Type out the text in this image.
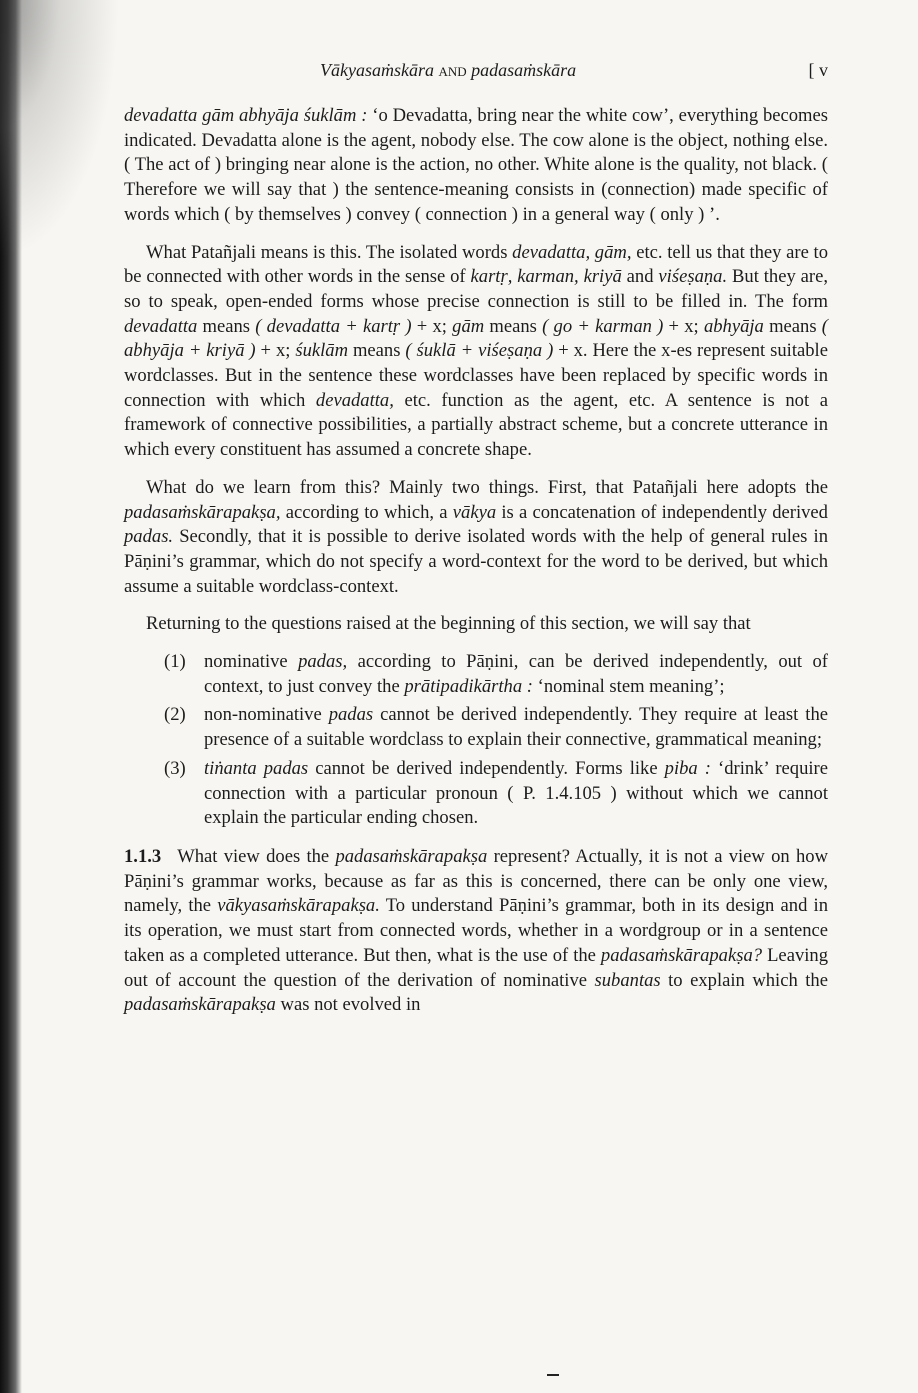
Vākyasaṁskāra and padasaṁskāra	[ v

devadatta gām abhyāja śuklām : ‘o Devadatta, bring near the white cow’, everything becomes indicated. Devadatta alone is the agent, nobody else. The cow alone is the object, nothing else. ( The act of ) bringing near alone is the action, no other. White alone is the quality, not black. ( Therefore we will say that ) the sentence-meaning consists in (connection) made specific of words which ( by themselves ) convey ( connection ) in a general way ( only ) ’.

What Patañjali means is this. The isolated words devadatta, gām, etc. tell us that they are to be connected with other words in the sense of kartṛ, karman, kriyā and viśeṣaṇa. But they are, so to speak, open-ended forms whose precise connection is still to be filled in. The form devadatta means ( devadatta + kartṛ ) + x; gām means ( go + karman ) + x; abhyāja means ( abhyāja + kriyā ) + x; śuklām means ( śuklā + viśeṣaṇa ) + x. Here the x-es represent suitable wordclasses. But in the sentence these wordclasses have been replaced by specific words in connection with which devadatta, etc. function as the agent, etc. A sentence is not a framework of connective possibilities, a partially abstract scheme, but a concrete utterance in which every constituent has assumed a concrete shape.

What do we learn from this? Mainly two things. First, that Patañjali here adopts the padasaṁskārapakṣa, according to which, a vākya is a concatenation of independently derived padas. Secondly, that it is possible to derive isolated words with the help of general rules in Pāṇini’s grammar, which do not specify a word-context for the word to be derived, but which assume a suitable wordclass-context.

Returning to the questions raised at the beginning of this section, we will say that

(1) nominative padas, according to Pāṇini, can be derived independently, out of context, to just convey the prātipadikārtha : ‘nominal stem meaning’;
(2) non-nominative padas cannot be derived independently. They require at least the presence of a suitable wordclass to explain their connective, grammatical meaning;
(3) tiṅanta padas cannot be derived independently. Forms like piba : ‘drink’ require connection with a particular pronoun ( P. 1.4.105 ) without which we cannot explain the particular ending chosen.

1.1.3 What view does the padasaṁskārapakṣa represent? Actually, it is not a view on how Pāṇini’s grammar works, because as far as this is concerned, there can be only one view, namely, the vākyasaṁskārapakṣa. To understand Pāṇini’s grammar, both in its design and in its operation, we must start from connected words, whether in a wordgroup or in a sentence taken as a completed utterance. But then, what is the use of the padasaṁskārapakṣa? Leaving out of account the question of the derivation of nominative subantas to explain which the padasaṁskārapakṣa was not evolved in
